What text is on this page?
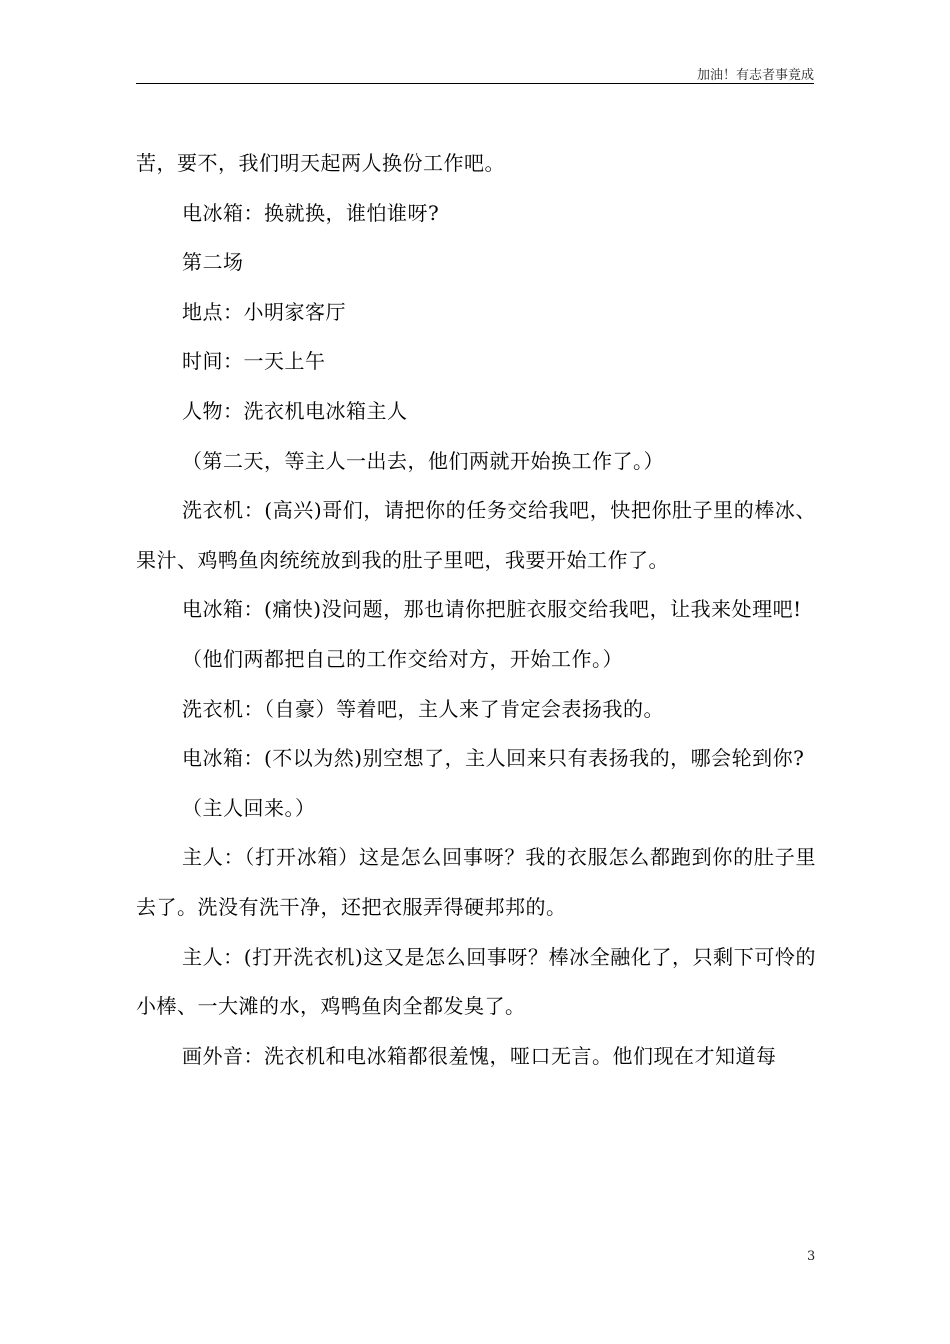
加油！有志者事竟成

苦，要不，我们明天起两人换份工作吧。

电冰箱：换就换，谁怕谁呀?

第二场

地点：小明家客厅

时间：一天上午

人物：洗衣机电冰箱主人

（第二天，等主人一出去，他们两就开始换工作了。）

洗衣机：(高兴)哥们，请把你的任务交给我吧，快把你肚子里的棒冰、果汁、鸡鸭鱼肉统统放到我的肚子里吧，我要开始工作了。

电冰箱：(痛快)没问题，那也请你把脏衣服交给我吧，让我来处理吧!

（他们两都把自己的工作交给对方，开始工作。）

洗衣机：（自豪）等着吧，主人来了肯定会表扬我的。

电冰箱：(不以为然)别空想了，主人回来只有表扬我的，哪会轮到你?

（主人回来。）

主人：（打开冰箱）这是怎么回事呀？我的衣服怎么都跑到你的肚子里去了。洗没有洗干净，还把衣服弄得硬邦邦的。

主人：(打开洗衣机)这又是怎么回事呀？棒冰全融化了，只剩下可怜的小棒、一大滩的水，鸡鸭鱼肉全都发臭了。

画外音：洗衣机和电冰箱都很羞愧，哑口无言。他们现在才知道每

3
